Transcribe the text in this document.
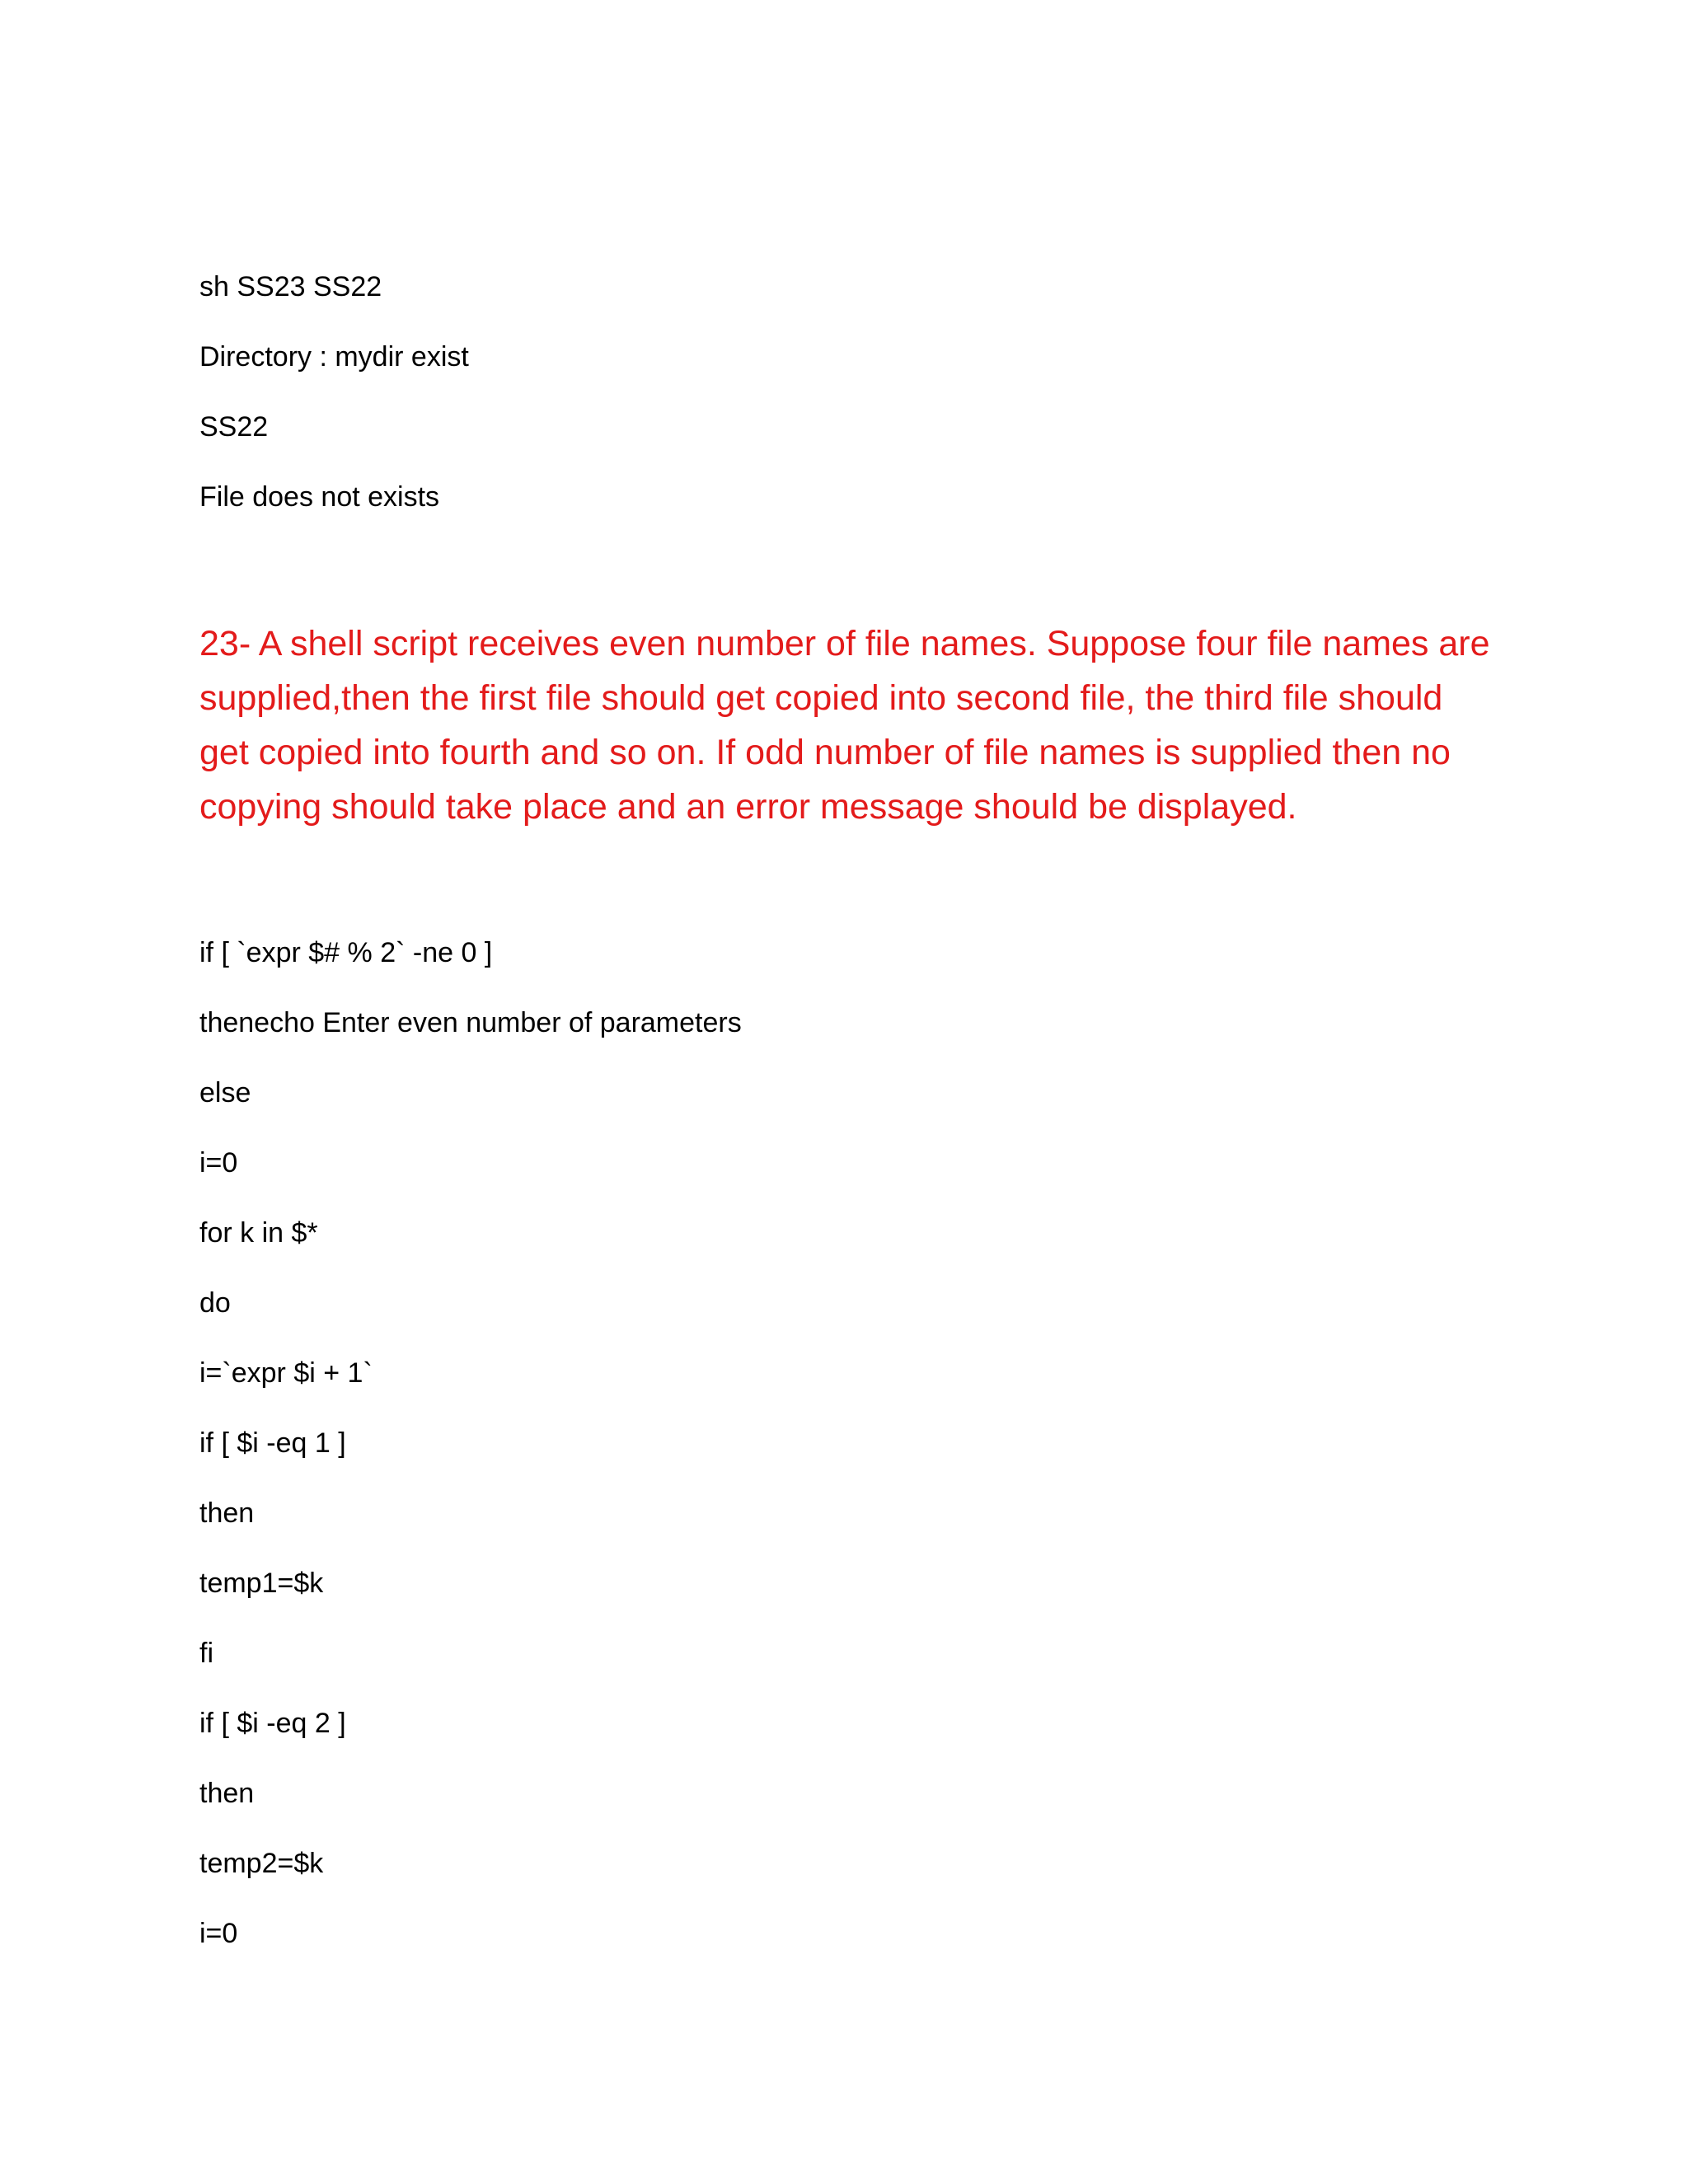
sh SS23 SS22
Directory : mydir exist
SS22
File does not exists
23- A shell script receives even number of file names. Suppose four file names are
supplied,then the first file should get copied into second file, the third file should
get copied into fourth and so on. If odd number of file names is supplied then no
copying should take place and an error message should be displayed.
if [ `expr $# % 2` -ne 0 ]
thenecho Enter even number of parameters
else
i=0
for k in $*
do
i=`expr $i + 1`
if [ $i -eq 1 ]
then
temp1=$k
fi
if [ $i -eq 2 ]
then
temp2=$k
i=0
